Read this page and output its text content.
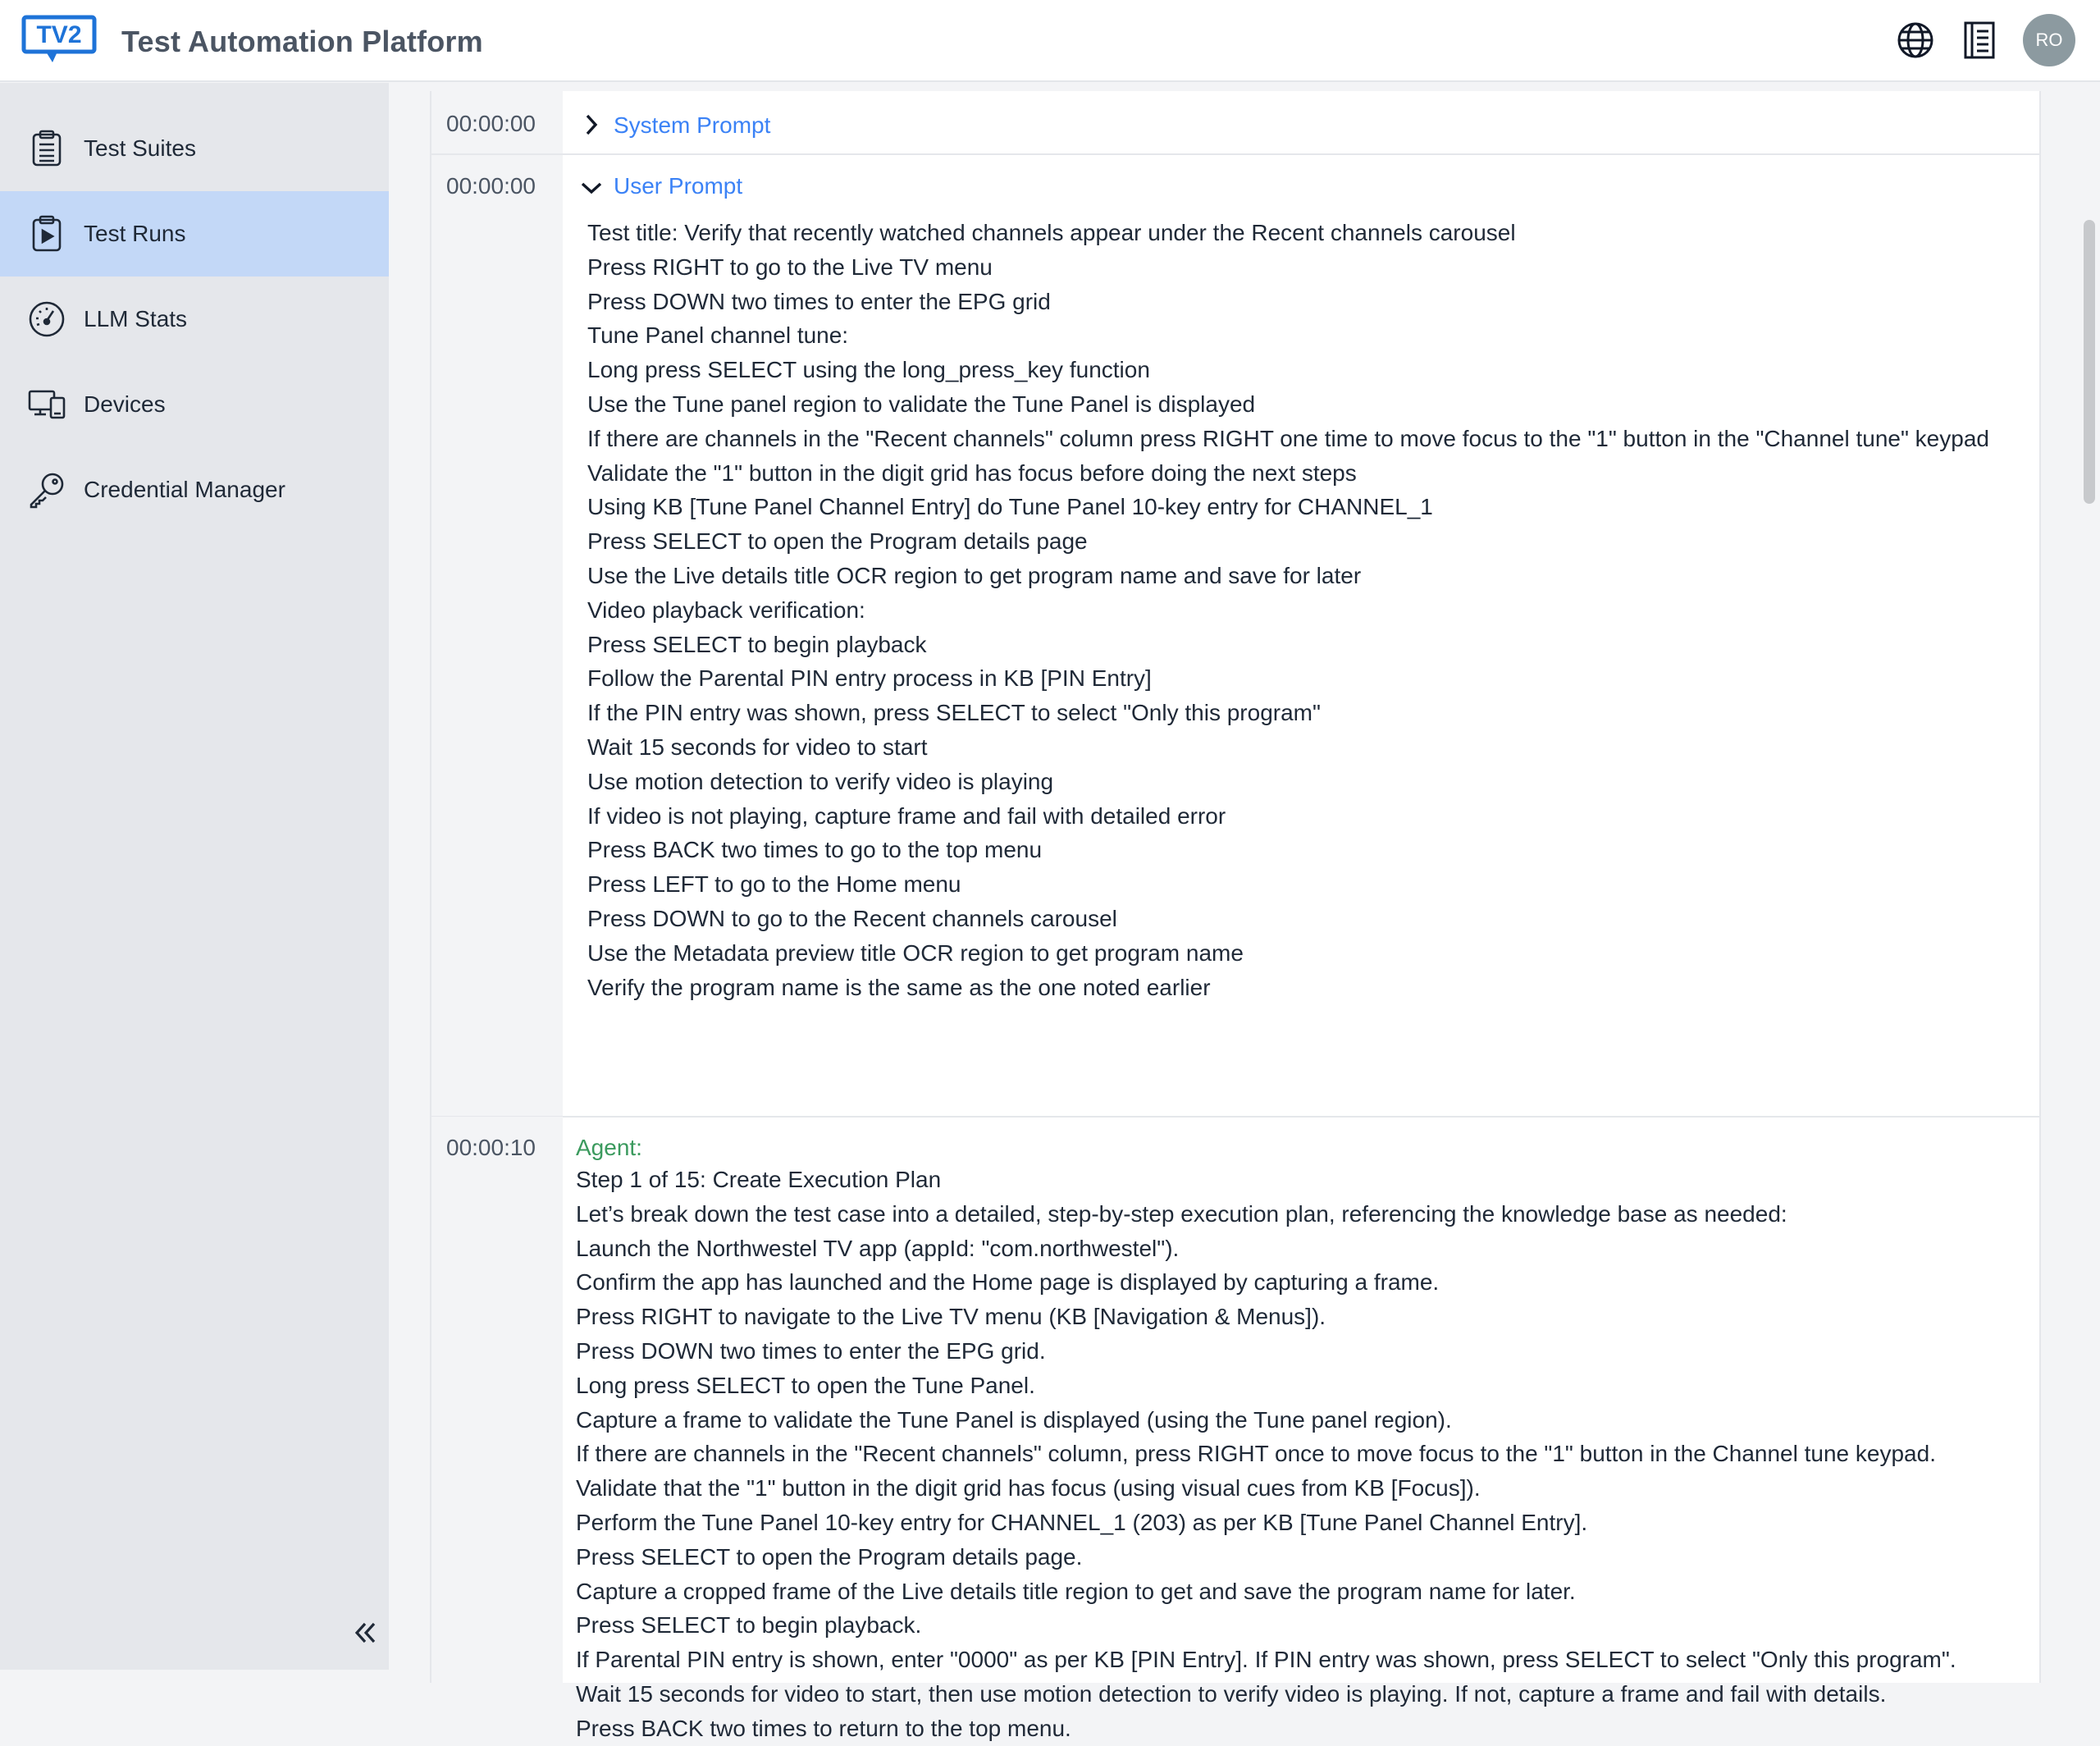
TV2 Test Automation Platform	RO
Test Suites
Test Runs
LLM Stats
Devices
Credential Manager
00:00:00	System Prompt
00:00:00	User Prompt
Test title: Verify that recently watched channels appear under the Recent channels carousel
Press RIGHT to go to the Live TV menu
Press DOWN two times to enter the EPG grid
Tune Panel channel tune:
Long press SELECT using the long_press_key function
Use the Tune panel region to validate the Tune Panel is displayed
If there are channels in the "Recent channels" column press RIGHT one time to move focus to the "1" button in the "Channel tune" keypad
Validate the "1" button in the digit grid has focus before doing the next steps
Using KB [Tune Panel Channel Entry] do Tune Panel 10-key entry for CHANNEL_1
Press SELECT to open the Program details page
Use the Live details title OCR region to get program name and save for later
Video playback verification:
Press SELECT to begin playback
Follow the Parental PIN entry process in KB [PIN Entry]
If the PIN entry was shown, press SELECT to select "Only this program"
Wait 15 seconds for video to start
Use motion detection to verify video is playing
If video is not playing, capture frame and fail with detailed error
Press BACK two times to go to the top menu
Press LEFT to go to the Home menu
Press DOWN to go to the Recent channels carousel
Use the Metadata preview title OCR region to get program name
Verify the program name is the same as the one noted earlier
00:00:10 Agent:
Step 1 of 15: Create Execution Plan
Let’s break down the test case into a detailed, step-by-step execution plan, referencing the knowledge base as needed:
Launch the Northwestel TV app (appId: "com.northwestel").
Confirm the app has launched and the Home page is displayed by capturing a frame.
Press RIGHT to navigate to the Live TV menu (KB [Navigation & Menus]).
Press DOWN two times to enter the EPG grid.
Long press SELECT to open the Tune Panel.
Capture a frame to validate the Tune Panel is displayed (using the Tune panel region).
If there are channels in the "Recent channels" column, press RIGHT once to move focus to the "1" button in the Channel tune keypad.
Validate that the "1" button in the digit grid has focus (using visual cues from KB [Focus]).
Perform the Tune Panel 10-key entry for CHANNEL_1 (203) as per KB [Tune Panel Channel Entry].
Press SELECT to open the Program details page.
Capture a cropped frame of the Live details title region to get and save the program name for later.
Press SELECT to begin playback.
If Parental PIN entry is shown, enter "0000" as per KB [PIN Entry]. If PIN entry was shown, press SELECT to select "Only this program".
Wait 15 seconds for video to start, then use motion detection to verify video is playing. If not, capture a frame and fail with details.
Press BACK two times to return to the top menu.
